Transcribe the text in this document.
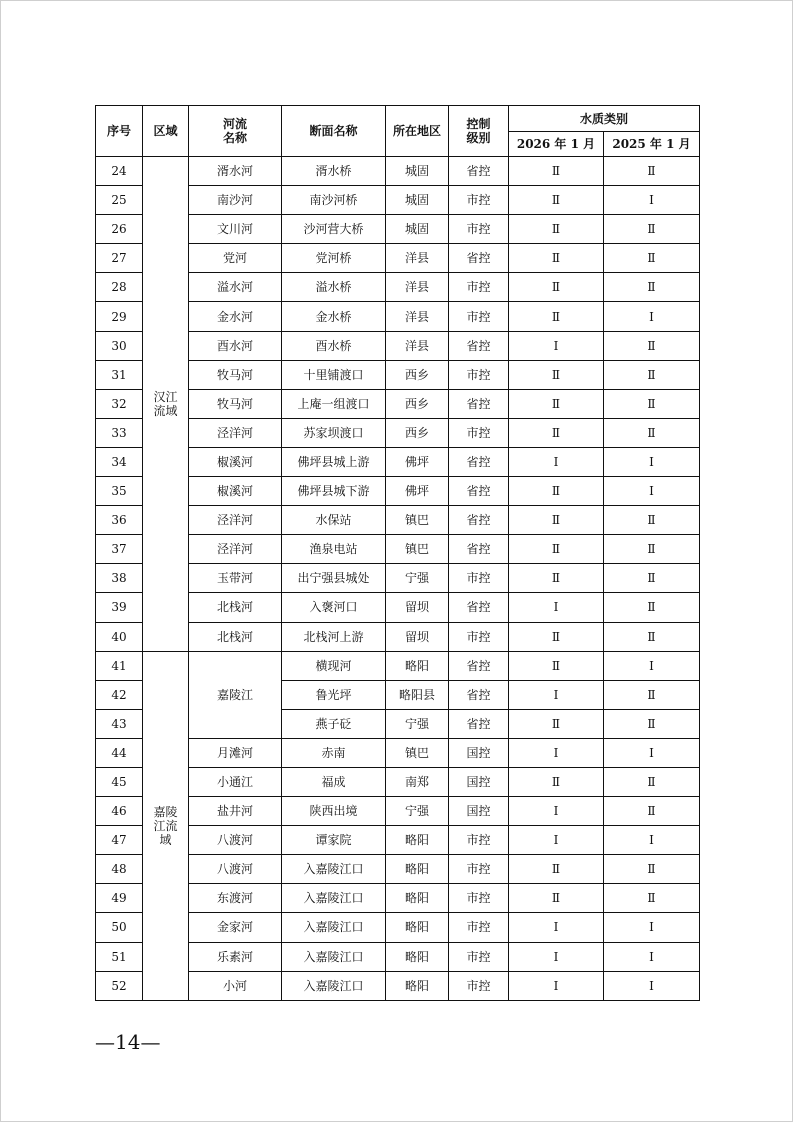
序号	区域	河流名称	断面名称	所在地区	控制级别	水质类别	
						2026 年 1 月	2025 年 1 月
24	汉江流域	湑水河	湑水桥	城固	省控	Ⅱ	Ⅱ
25		南沙河	南沙河桥	城固	市控	Ⅱ	Ⅰ
26		文川河	沙河营大桥	城固	市控	Ⅱ	Ⅱ
27		党河	党河桥	洋县	省控	Ⅱ	Ⅱ
28		溢水河	溢水桥	洋县	市控	Ⅱ	Ⅱ
29		金水河	金水桥	洋县	市控	Ⅱ	Ⅰ
30		酉水河	酉水桥	洋县	省控	Ⅰ	Ⅱ
31		牧马河	十里铺渡口	西乡	市控	Ⅱ	Ⅱ
32		牧马河	上庵一组渡口	西乡	省控	Ⅱ	Ⅱ
33		泾洋河	苏家坝渡口	西乡	市控	Ⅱ	Ⅱ
34		椒溪河	佛坪县城上游	佛坪	省控	Ⅰ	Ⅰ
35		椒溪河	佛坪县城下游	佛坪	省控	Ⅱ	Ⅰ
36		泾洋河	水保站	镇巴	省控	Ⅱ	Ⅱ
37		泾洋河	渔泉电站	镇巴	省控	Ⅱ	Ⅱ
38		玉带河	出宁强县城处	宁强	市控	Ⅱ	Ⅱ
39		北栈河	入褒河口	留坝	省控	Ⅰ	Ⅱ
40		北栈河	北栈河上游	留坝	市控	Ⅱ	Ⅱ
41	嘉陵江流域	嘉陵江	横现河	略阳	省控	Ⅱ	Ⅰ
42			鲁光坪	略阳县	省控	Ⅰ	Ⅱ
43			燕子砭	宁强	省控	Ⅱ	Ⅱ
44		月滩河	赤南	镇巴	国控	Ⅰ	Ⅰ
45		小通江	福成	南郑	国控	Ⅱ	Ⅱ
46		盐井河	陕西出境	宁强	国控	Ⅰ	Ⅱ
47		八渡河	谭家院	略阳	市控	Ⅰ	Ⅰ
48		八渡河	入嘉陵江口	略阳	市控	Ⅱ	Ⅱ
49		东渡河	入嘉陵江口	略阳	市控	Ⅱ	Ⅱ
50		金家河	入嘉陵江口	略阳	市控	Ⅰ	Ⅰ
51		乐素河	入嘉陵江口	略阳	市控	Ⅰ	Ⅰ
52		小河	入嘉陵江口	略阳	市控	Ⅰ	Ⅰ
—14—
